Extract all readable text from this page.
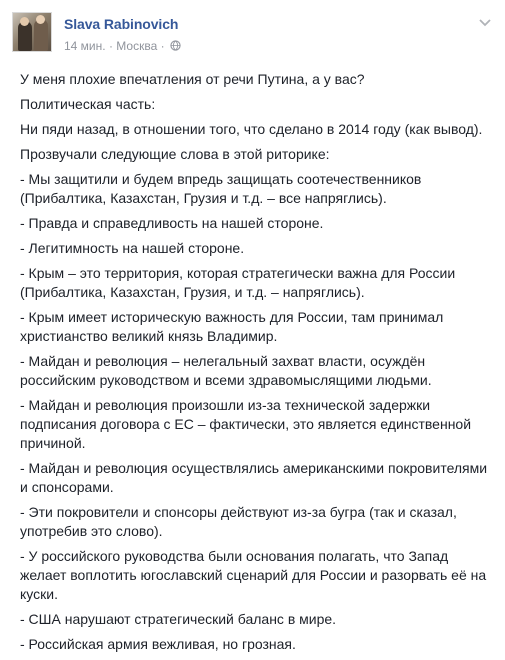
Slava Rabinovich
14 мин. · Москва ·

У меня плохие впечатления от речи Путина, а у вас?

Политическая часть:

Ни пяди назад, в отношении того, что сделано в 2014 году (как вывод).

Прозвучали следующие слова в этой риторике:

- Мы защитили и будем впредь защищать соотечественников (Прибалтика, Казахстан, Грузия и т.д. – все напряглись).

- Правда и справедливость на нашей стороне.

- Легитимность на нашей стороне.

- Крым – это территория, которая стратегически важна для России (Прибалтика, Казахстан, Грузия, и т.д. – напряглись).

- Крым имеет историческую важность для России, там принимал христианство великий князь Владимир.

- Майдан и революция – нелегальный захват власти, осуждён российским руководством и всеми здравомыслящими людьми.

- Майдан и революция произошли из-за технической задержки подписания договора с ЕС – фактически, это является единственной причиной.

- Майдан и революция осуществлялись американскими покровителями и спонсорами.

- Эти покровители и спонсоры действуют из-за бугра (так и сказал, употребив это слово).

- У российского руководства были основания полагать, что Запад желает воплотить югославский сценарий для России и разорвать её на куски.

- США нарушают стратегический баланс в мире.

- Российская армия вежливая, но грозная.
